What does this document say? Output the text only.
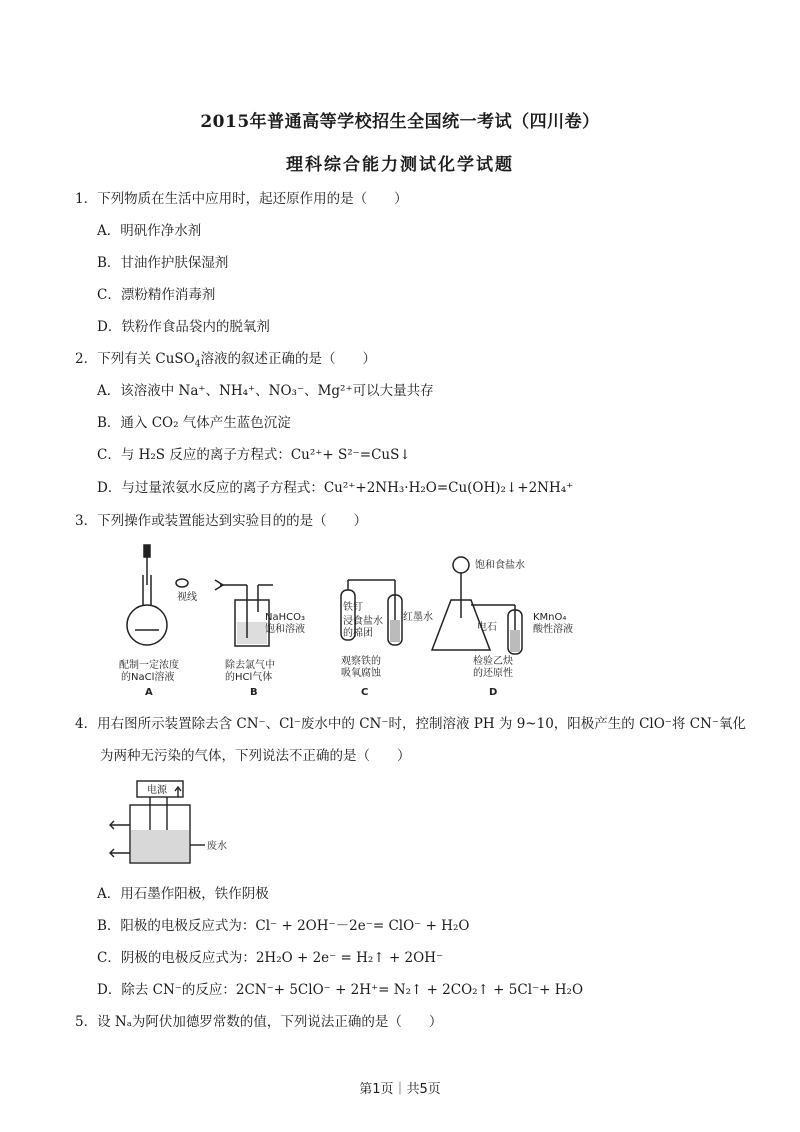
2015年普通高等学校招生全国统一考试（四川卷）
理科综合能力测试化学试题
1．下列物质在生活中应用时，起还原作用的是（　　）
A．明矾作净水剂
B．甘油作护肤保湿剂
C．漂粉精作消毒剂
D．铁粉作食品袋内的脱氧剂
2．下列有关 CuSO$_4$溶液的叙述正确的是（　　）
A．该溶液中 Na⁺、NH₄⁺、NO₃⁻、Mg²⁺可以大量共存
B．通入 CO₂ 气体产生蓝色沉淀
C．与 H₂S 反应的离子方程式：Cu²⁺+ S²⁻=CuS↓
D．与过量浓氨水反应的离子方程式：Cu²⁺+2NH₃·H₂O=Cu(OH)₂↓+2NH₄⁺
3．下列操作或装置能达到实验目的的是（　　）
视线
配制一定浓度
的NaCl溶液
A
NaHCO₃
饱和溶液
除去氯气中
的HCl气体
B
铁钉
浸食盐水
的棉团
红墨水
观察铁的
吸氧腐蚀
C
饱和食盐水
电石
KMnO₄
酸性溶液
检验乙炔
的还原性
D
4．用右图所示装置除去含 CN⁻、Cl⁻废水中的 CN⁻时，控制溶液 PH 为 9~10，阳极产生的 ClO⁻将 CN⁻氧化
为两种无污染的气体，下列说法不正确的是（　　）
电源
废水
A．用石墨作阳极，铁作阴极
B．阳极的电极反应式为：Cl⁻ + 2OH⁻－2e⁻= ClO⁻ + H₂O
C．阴极的电极反应式为：2H₂O + 2e⁻ = H₂↑ + 2OH⁻
D．除去 CN⁻的反应：2CN⁻+ 5ClO⁻ + 2H⁺= N₂↑ + 2CO₂↑ + 5Cl⁻+ H₂O
5．设 Nₐ为阿伏加德罗常数的值，下列说法正确的是（　　）
第1页｜共5页
